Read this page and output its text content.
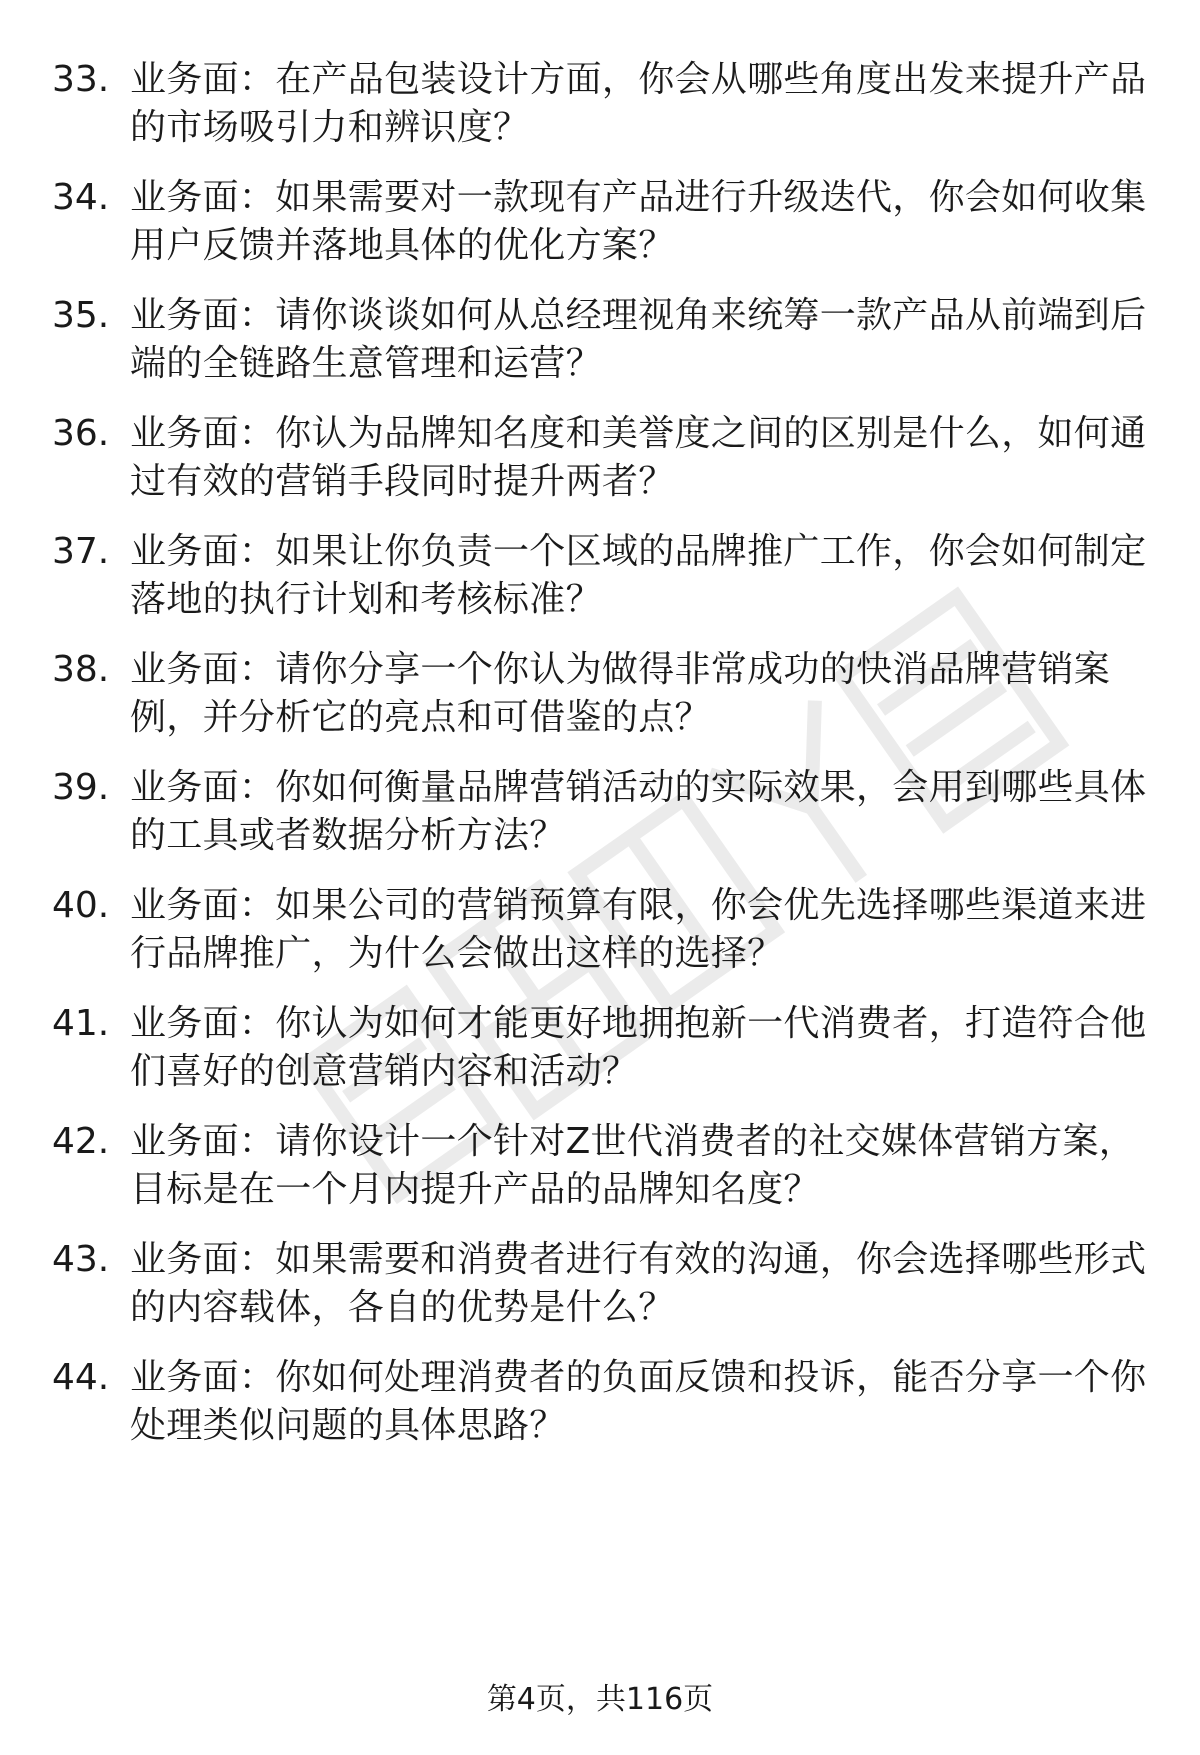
33. 业务面：在产品包装设计方面，你会从哪些角度出发来提升产品的市场吸引力和辨识度？
34. 业务面：如果需要对一款现有产品进行升级迭代，你会如何收集用户反馈并落地具体的优化方案？
35. 业务面：请你谈谈如何从总经理视角来统筹一款产品从前端到后端的全链路生意管理和运营？
36. 业务面：你认为品牌知名度和美誉度之间的区别是什么，如何通过有效的营销手段同时提升两者？
37. 业务面：如果让你负责一个区域的品牌推广工作，你会如何制定落地的执行计划和考核标准？
38. 业务面：请你分享一个你认为做得非常成功的快消品牌营销案例，并分析它的亮点和可借鉴的点？
39. 业务面：你如何衡量品牌营销活动的实际效果，会用到哪些具体的工具或者数据分析方法？
40. 业务面：如果公司的营销预算有限，你会优先选择哪些渠道来进行品牌推广，为什么会做出这样的选择？
41. 业务面：你认为如何才能更好地拥抱新一代消费者，打造符合他们喜好的创意营销内容和活动？
42. 业务面：请你设计一个针对Z世代消费者的社交媒体营销方案，目标是在一个月内提升产品的品牌知名度？
43. 业务面：如果需要和消费者进行有效的沟通，你会选择哪些形式的内容载体，各自的优势是什么？
44. 业务面：你如何处理消费者的负面反馈和投诉，能否分享一个你处理类似问题的具体思路？
第4页，共116页
